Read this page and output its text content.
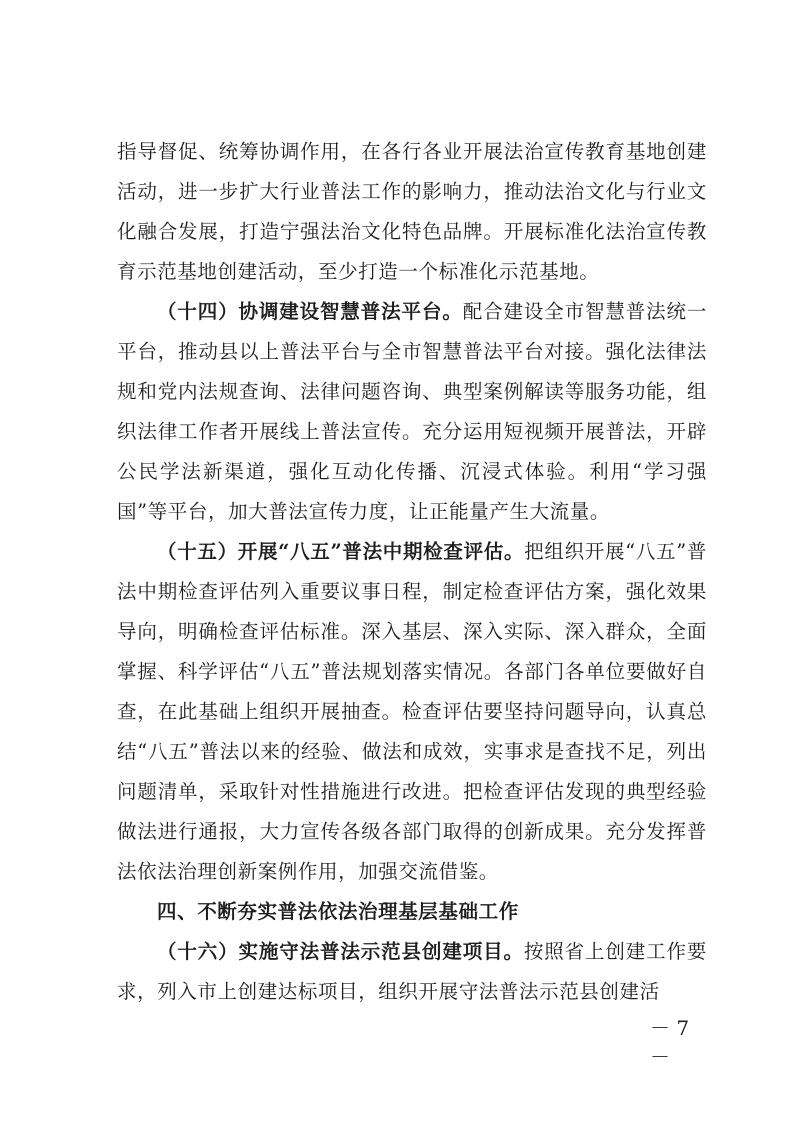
指导督促、统筹协调作用，在各行各业开展法治宣传教育基地创建活动，进一步扩大行业普法工作的影响力，推动法治文化与行业文化融合发展，打造宁强法治文化特色品牌。开展标准化法治宣传教育示范基地创建活动，至少打造一个标准化示范基地。

（十四）协调建设智慧普法平台。配合建设全市智慧普法统一平台，推动县以上普法平台与全市智慧普法平台对接。强化法律法规和党内法规查询、法律问题咨询、典型案例解读等服务功能，组织法律工作者开展线上普法宣传。充分运用短视频开展普法，开辟公民学法新渠道，强化互动化传播、沉浸式体验。利用“学习强国”等平台，加大普法宣传力度，让正能量产生大流量。

（十五）开展“八五”普法中期检查评估。把组织开展“八五”普法中期检查评估列入重要议事日程，制定检查评估方案，强化效果导向，明确检查评估标准。深入基层、深入实际、深入群众，全面掌握、科学评估“八五”普法规划落实情况。各部门各单位要做好自查，在此基础上组织开展抽查。检查评估要坚持问题导向，认真总结“八五”普法以来的经验、做法和成效，实事求是查找不足，列出问题清单，采取针对性措施进行改进。把检查评估发现的典型经验做法进行通报，大力宣传各级各部门取得的创新成果。充分发挥普法依法治理创新案例作用，加强交流借鉴。

四、不断夯实普法依法治理基层基础工作

（十六）实施守法普法示范县创建项目。按照省上创建工作要求，列入市上创建达标项目，组织开展守法普法示范县创建活

－ 7 －
